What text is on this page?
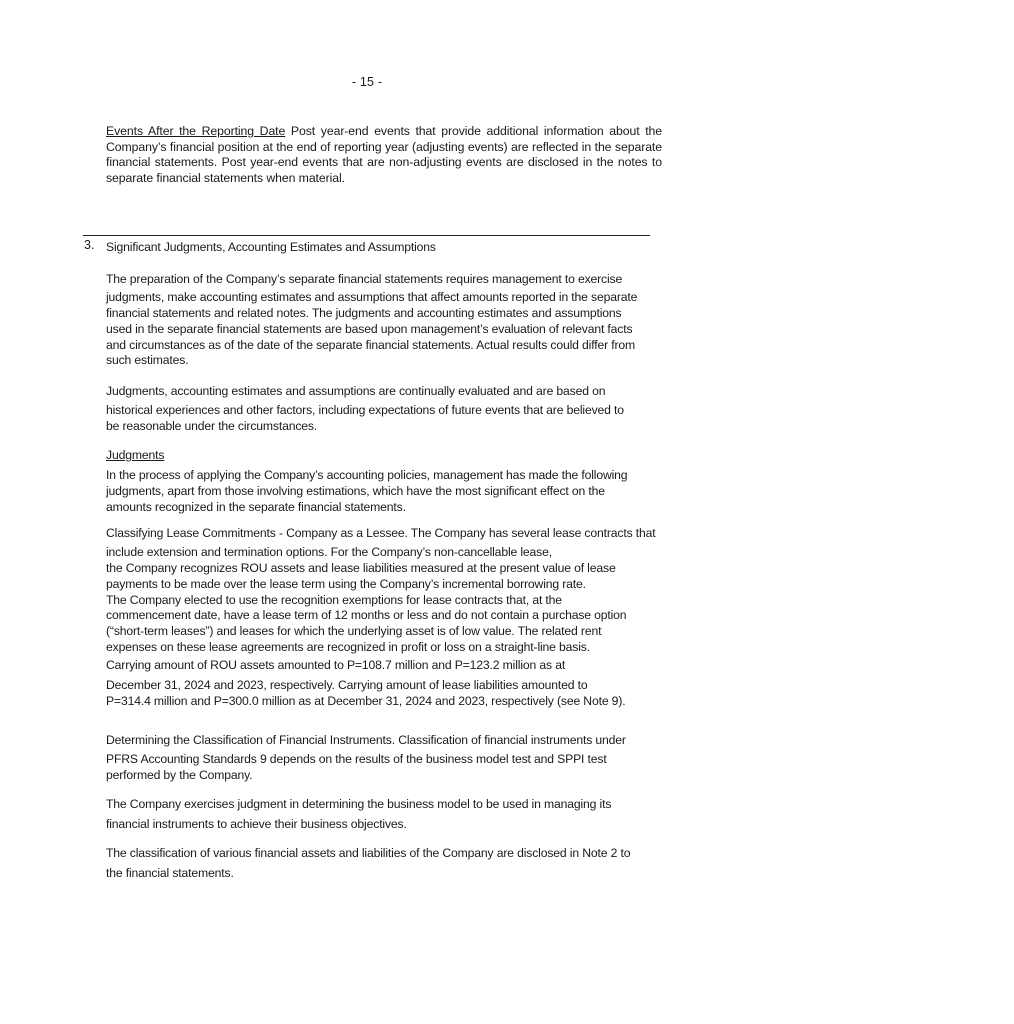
- 15 -
Events After the Reporting Date Post year-end events that provide additional information about the Company’s financial position at the end of reporting year (adjusting events) are reflected in the separate financial statements. Post year-end events that are non-adjusting events are disclosed in the notes to separate financial statements when material.
3. Significant Judgments, Accounting Estimates and Assumptions

The preparation of the Company’s separate financial statements requires management to exercise

judgments, make accounting estimates and assumptions that affect amounts reported in the separate

financial statements and related notes. The judgments and accounting estimates and assumptions

used in the separate financial statements are based upon management’s evaluation of relevant facts

and circumstances as of the date of the separate financial statements. Actual results could differ from

such estimates.

Judgments, accounting estimates and assumptions are continually evaluated and are based on

historical experiences and other factors, including expectations of future events that are believed to

be reasonable under the circumstances.

Judgments

In the process of applying the Company’s accounting policies, management has made the following

judgments, apart from those involving estimations, which have the most significant effect on the

amounts recognized in the separate financial statements.

Classifying Lease Commitments - Company as a Lessee. The Company has several lease contracts that

include extension and termination options. For the Company’s non-cancellable lease,

the Company recognizes ROU assets and lease liabilities measured at the present value of lease

payments to be made over the lease term using the Company’s incremental borrowing rate.

The Company elected to use the recognition exemptions for lease contracts that, at the

commencement date, have a lease term of 12 months or less and do not contain a purchase option

(“short-term leases”) and leases for which the underlying asset is of low value. The related rent

expenses on these lease agreements are recognized in profit or loss on a straight-line basis.

Carrying amount of ROU assets amounted to P=108.7 million and P=123.2 million as at

December 31, 2024 and 2023, respectively. Carrying amount of lease liabilities amounted to

P=314.4 million and P=300.0 million as at December 31, 2024 and 2023, respectively (see Note 9).

Determining the Classification of Financial Instruments. Classification of financial instruments under

PFRS Accounting Standards 9 depends on the results of the business model test and SPPI test

performed by the Company.

The Company exercises judgment in determining the business model to be used in managing its

financial instruments to achieve their business objectives.

The classification of various financial assets and liabilities of the Company are disclosed in Note 2 to

the financial statements.
